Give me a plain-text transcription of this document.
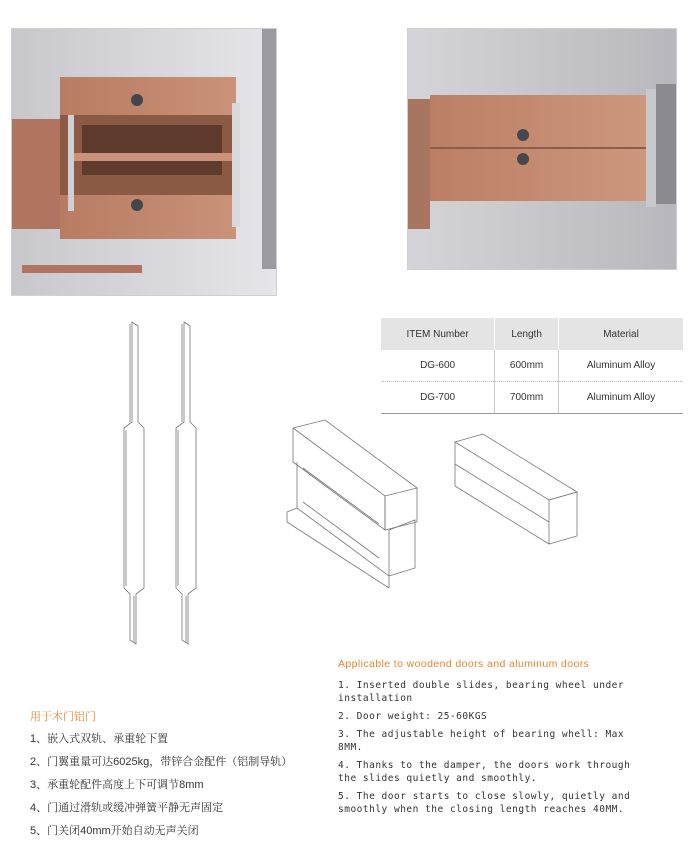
ITEM Number	Length	Material
DG-600	600mm	Aluminum Alloy
DG-700	700mm	Aluminum Alloy
用于木门铝门
1、嵌入式双轨、承重轮下置
2、门翼重量可达6025kg，带锌合金配件（铝制导轨）
3、承重轮配件高度上下可调节8mm
4、门通过滑轨或缓冲弹簧平静无声固定
5、门关闭40mm开始自动无声关闭
Applicable to woodend doors and aluminum doors
1. Inserted double slides, bearing wheel under installation
2. Door weight: 25-60KGS
3. The adjustable height of bearing whell: Max 8MM.
4. Thanks to the damper, the doors work through the slides quietly and smoothly.
5. The door starts to close slowly, quietly and smoothly when the closing length reaches 40MM.
